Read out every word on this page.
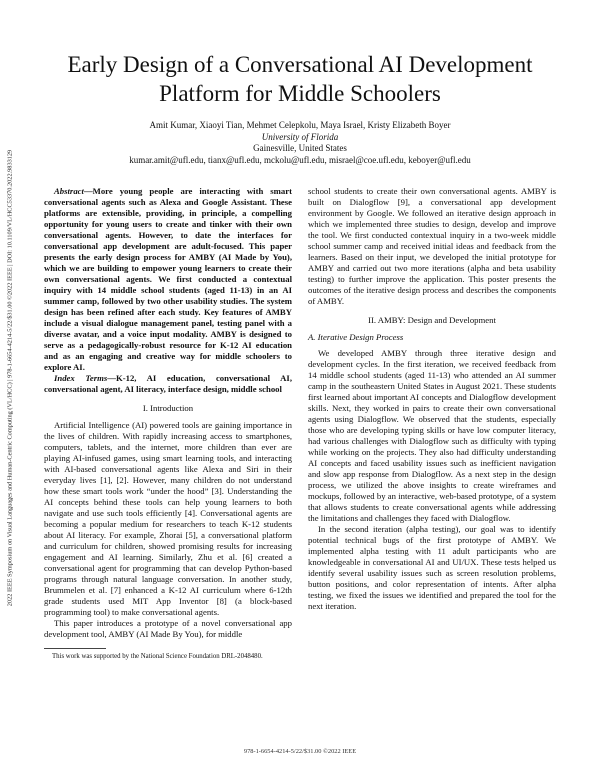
2022 IEEE Symposium on Visual Languages and Human-Centric Computing (VL/HCC) | 978-1-6654-4214-5/22/$31.00 ©2022 IEEE | DOI: 10.1109/VL/HCC53370.2022.9833129
Early Design of a Conversational AI Development
Platform for Middle Schoolers
Amit Kumar, Xiaoyi Tian, Mehmet Celepkolu, Maya Israel, Kristy Elizabeth Boyer
University of Florida
Gainesville, United States
kumar.amit@ufl.edu, tianx@ufl.edu, mckolu@ufl.edu, misrael@coe.ufl.edu, keboyer@ufl.edu

Abstract—More young people are interacting with smart conversational agents such as Alexa and Google Assistant. These platforms are extensible, providing, in principle, a compelling opportunity for young users to create and tinker with their own conversational agents. However, to date the interfaces for conversational app development are adult-focused. This paper presents the early design process for AMBY (AI Made by You), which we are building to empower young learners to create their own conversational agents. We first conducted a contextual inquiry with 14 middle school students (aged 11-13) in an AI summer camp, followed by two other usability studies. The system design has been refined after each study. Key features of AMBY include a visual dialogue management panel, testing panel with a diverse avatar, and a voice input modality. AMBY is designed to serve as a pedagogically-robust resource for K-12 AI education and as an engaging and creative way for middle schoolers to explore AI.

Index Terms—K-12, AI education, conversational AI, conversational agent, AI literacy, interface design, middle school

I. Introduction

Artificial Intelligence (AI) powered tools are gaining importance in the lives of children. With rapidly increasing access to smartphones, computers, tablets, and the internet, more children than ever are playing AI-infused games, using smart learning tools, and interacting with AI-based conversational agents like Alexa and Siri in their everyday lives [1], [2]. However, many children do not understand how these smart tools work “under the hood” [3]. Understanding the AI concepts behind these tools can help young learners to both navigate and use such tools efficiently [4]. Conversational agents are becoming a popular medium for researchers to teach K-12 students about AI literacy. For example, Zhorai [5], a conversational platform and curriculum for children, showed promising results for increasing engagement and AI learning. Similarly, Zhu et al. [6] created a conversational agent for programming that can develop Python-based programs through natural language conversation. In another study, Brummelen et al. [7] enhanced a K-12 AI curriculum where 6-12th grade students used MIT App Inventor [8] (a block-based programming tool) to make conversational agents.

This paper introduces a prototype of a novel conversational app development tool, AMBY (AI Made By You), for middle

This work was supported by the National Science Foundation DRL-2048480.

school students to create their own conversational agents. AMBY is built on Dialogflow [9], a conversational app development environment by Google. We followed an iterative design approach in which we implemented three studies to design, develop and improve the tool. We first conducted contextual inquiry in a two-week middle school summer camp and received initial ideas and feedback from the learners. Based on their input, we developed the initial prototype for AMBY and carried out two more iterations (alpha and beta usability testing) to further improve the application. This poster presents the outcomes of the iterative design process and describes the components of AMBY.

II. AMBY: Design and Development
A. Iterative Design Process

We developed AMBY through three iterative design and development cycles. In the first iteration, we received feedback from 14 middle school students (aged 11-13) who attended an AI summer camp in the southeastern United States in August 2021. These students first learned about important AI concepts and Dialogflow development skills. Next, they worked in pairs to create their own conversational agents using Dialogflow. We observed that the students, especially those who are developing typing skills or have low computer literacy, had various challenges with Dialogflow such as difficulty with typing while working on the projects. They also had difficulty understanding AI concepts and faced usability issues such as inefficient navigation and slow app response from Dialogflow. As a next step in the design process, we utilized the above insights to create wireframes and mockups, followed by an interactive, web-based prototype, of a system that allows students to create conversational agents while addressing the limitations and challenges they faced with Dialogflow.

In the second iteration (alpha testing), our goal was to identify potential technical bugs of the first prototype of AMBY. We implemented alpha testing with 11 adult participants who are knowledgeable in conversational AI and UI/UX. These tests helped us identify several usability issues such as screen resolution problems, button positions, and color representation of intents. After alpha testing, we fixed the issues we identified and prepared the tool for the next iteration.

978-1-6654-4214-5/22/$31.00 ©2022 IEEE
